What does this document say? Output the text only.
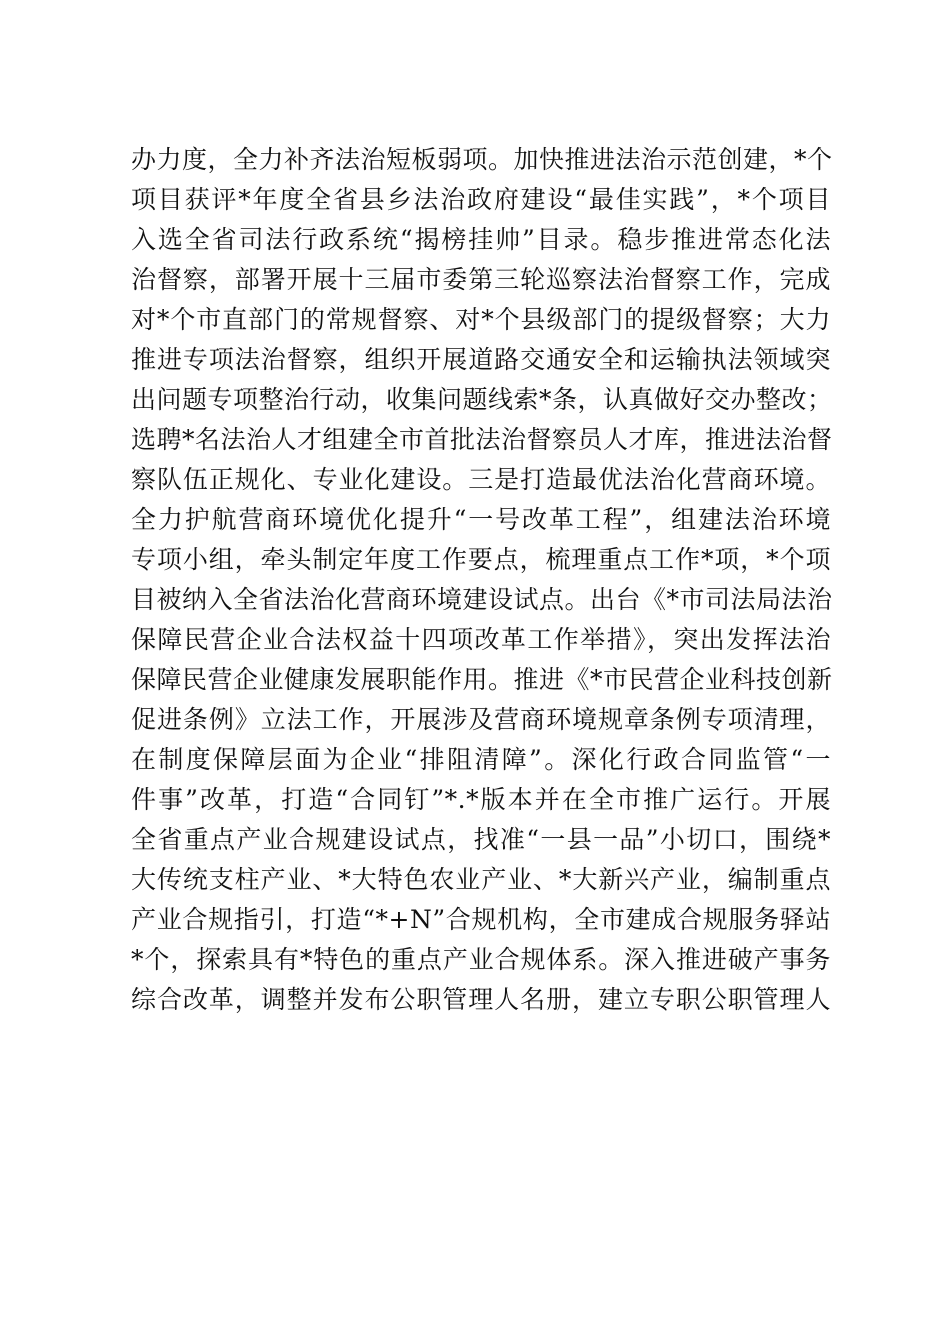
办力度，全力补齐法治短板弱项。加快推进法治示范创建，*个
项目获评*年度全省县乡法治政府建设“最佳实践”，*个项目
入选全省司法行政系统“揭榜挂帅”目录。稳步推进常态化法
治督察，部署开展十三届市委第三轮巡察法治督察工作，完成
对*个市直部门的常规督察、对*个县级部门的提级督察；大力
推进专项法治督察，组织开展道路交通安全和运输执法领域突
出问题专项整治行动，收集问题线索*条，认真做好交办整改；
选聘*名法治人才组建全市首批法治督察员人才库，推进法治督
察队伍正规化、专业化建设。三是打造最优法治化营商环境。
全力护航营商环境优化提升“一号改革工程”，组建法治环境
专项小组，牵头制定年度工作要点，梳理重点工作*项，*个项
目被纳入全省法治化营商环境建设试点。出台《*市司法局法治
保障民营企业合法权益十四项改革工作举措》，突出发挥法治
保障民营企业健康发展职能作用。推进《*市民营企业科技创新
促进条例》立法工作，开展涉及营商环境规章条例专项清理，
在制度保障层面为企业“排阻清障”。深化行政合同监管“一
件事”改革，打造“合同钉”*.*版本并在全市推广运行。开展
全省重点产业合规建设试点，找准“一县一品”小切口，围绕*
大传统支柱产业、*大特色农业产业、*大新兴产业，编制重点
产业合规指引，打造“*+N”合规机构，全市建成合规服务驿站
*个，探索具有*特色的重点产业合规体系。深入推进破产事务
综合改革，调整并发布公职管理人名册，建立专职公职管理人
